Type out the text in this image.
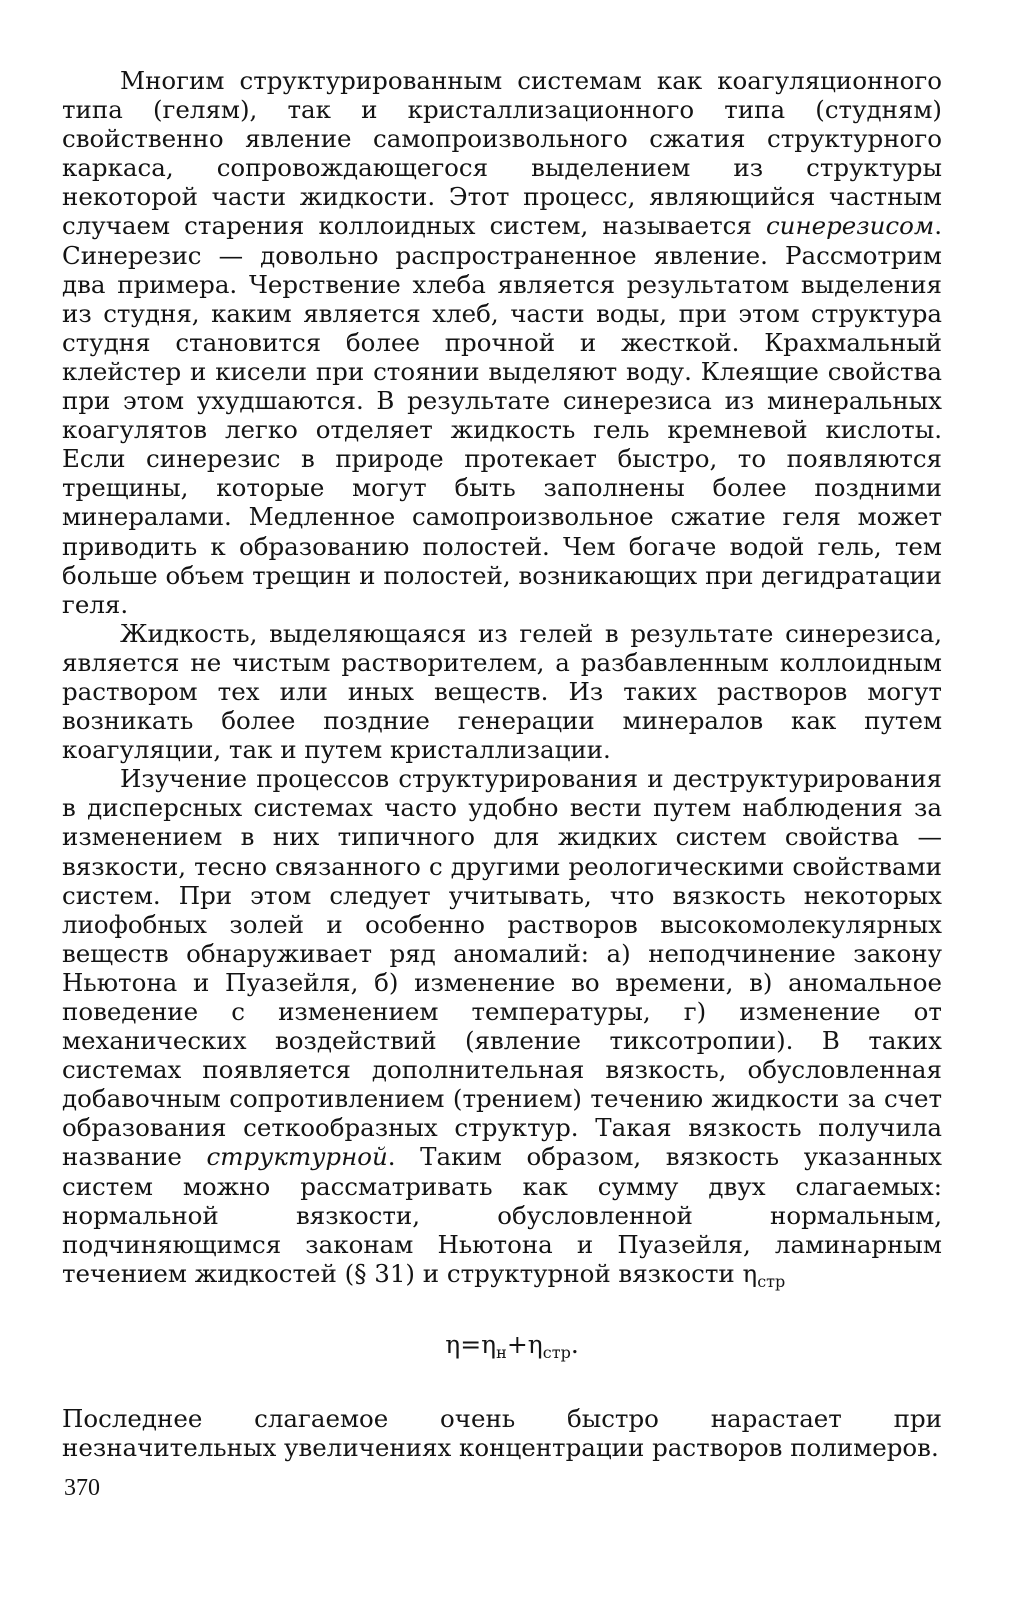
Многим структурированным системам как коагуляционного типа (гелям), так и кристаллизационного типа (студням) свойственно явление самопроизвольного сжатия структурного каркаса, сопровождающегося выделением из структуры некоторой части жидкости. Этот процесс, являющийся частным случаем старения коллоидных систем, называется синерезисом. Синерезис — довольно распространенное явление. Рассмотрим два примера. Черствение хлеба является результатом выделения из студня, каким является хлеб, части воды, при этом структура студня становится более прочной и жесткой. Крахмальный клейстер и кисели при стоянии выделяют воду. Клеящие свойства при этом ухудшаются. В результате синерезиса из минеральных коагулятов легко отделяет жидкость гель кремневой кислоты. Если синерезис в природе протекает быстро, то появляются трещины, которые могут быть заполнены более поздними минералами. Медленное самопроизвольное сжатие геля может приводить к образованию полостей. Чем богаче водой гель, тем больше объем трещин и полостей, возникающих при дегидратации геля.

Жидкость, выделяющаяся из гелей в результате синерезиса, является не чистым растворителем, а разбавленным коллоидным раствором тех или иных веществ. Из таких растворов могут возникать более поздние генерации минералов как путем коагуляции, так и путем кристаллизации.

Изучение процессов структурирования и деструктурирования в дисперсных системах часто удобно вести путем наблюдения за изменением в них типичного для жидких систем свойства — вязкости, тесно связанного с другими реологическими свойствами систем. При этом следует учитывать, что вязкость некоторых лиофобных золей и особенно растворов высокомолекулярных веществ обнаруживает ряд аномалий: а) неподчинение закону Ньютона и Пуазейля, б) изменение во времени, в) аномальное поведение с изменением температуры, г) изменение от механических воздействий (явление тиксотропии). В таких системах появляется дополнительная вязкость, обусловленная добавочным сопротивлением (трением) течению жидкости за счет образования сеткообразных структур. Такая вязкость получила название структурной. Таким образом, вязкость указанных систем можно рассматривать как сумму двух слагаемых: нормальной вязкости, обусловленной нормальным, подчиняющимся законам Ньютона и Пуазейля, ламинарным течением жидкостей (§ 31) и структурной вязкости $\eta_{стр}$

$\eta=\eta_н+\eta_{стр}$.

Последнее слагаемое очень быстро нарастает при незначительных увеличениях концентрации растворов полимеров.

370
